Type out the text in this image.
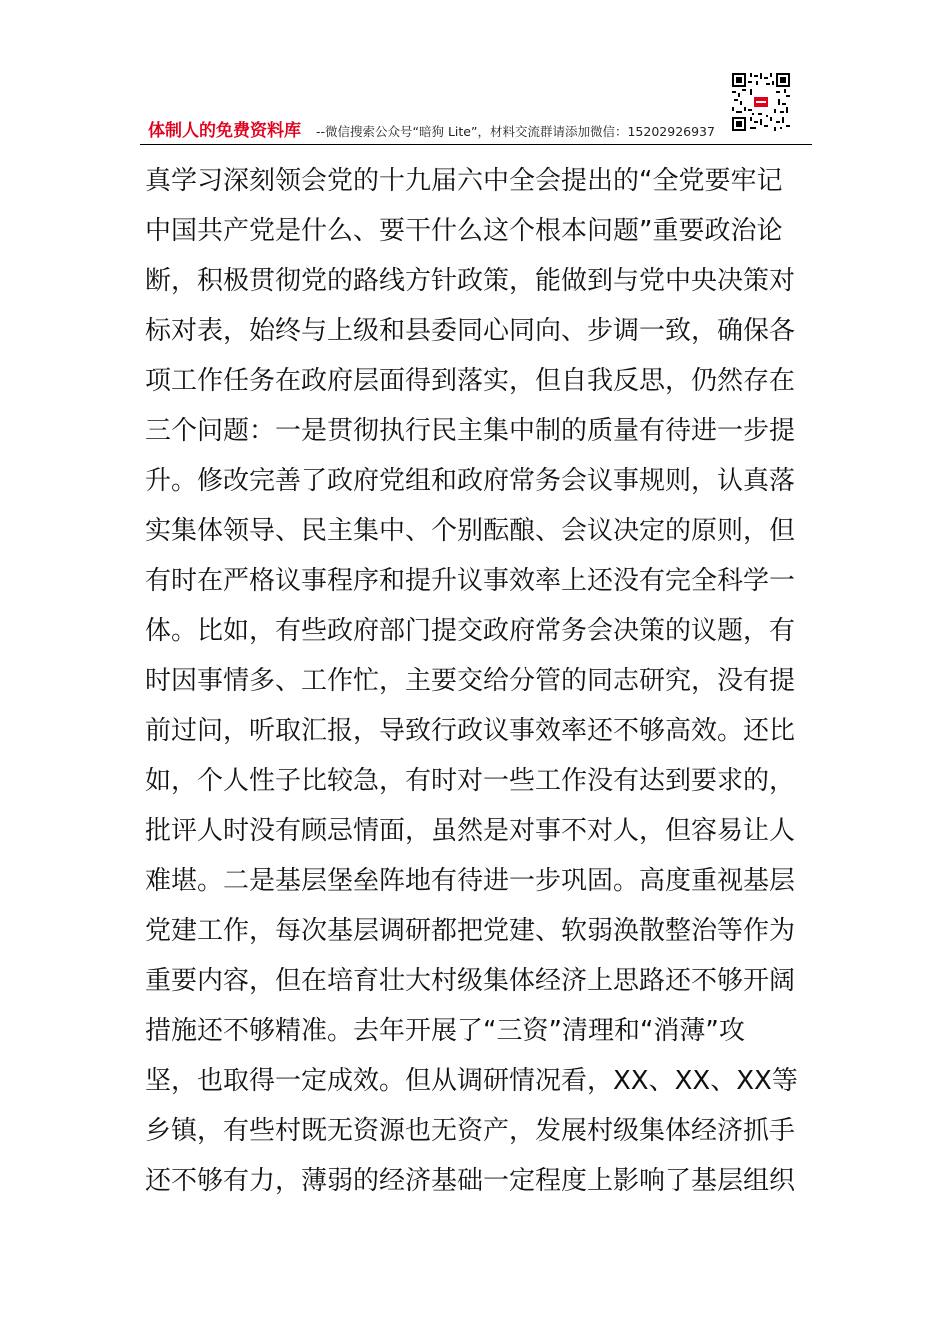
体制人的免费资料库 --微信搜索公众号“暗狗 Lite”，材料交流群请添加微信：15202926937
真学习深刻领会党的十九届六中全会提出的“全党要牢记
中国共产党是什么、要干什么这个根本问题”重要政治论
断，积极贯彻党的路线方针政策，能做到与党中央决策对
标对表，始终与上级和县委同心同向、步调一致，确保各
项工作任务在政府层面得到落实，但自我反思，仍然存在
三个问题：一是贯彻执行民主集中制的质量有待进一步提
升。修改完善了政府党组和政府常务会议事规则，认真落
实集体领导、民主集中、个别酝酿、会议决定的原则，但
有时在严格议事程序和提升议事效率上还没有完全科学一
体。比如，有些政府部门提交政府常务会决策的议题，有
时因事情多、工作忙，主要交给分管的同志研究，没有提
前过问，听取汇报，导致行政议事效率还不够高效。还比
如，个人性子比较急，有时对一些工作没有达到要求的，
批评人时没有顾忌情面，虽然是对事不对人，但容易让人
难堪。二是基层堡垒阵地有待进一步巩固。高度重视基层
党建工作，每次基层调研都把党建、软弱涣散整治等作为
重要内容，但在培育壮大村级集体经济上思路还不够开阔
措施还不够精准。去年开展了“三资”清理和“消薄”攻
坚，也取得一定成效。但从调研情况看，XX、XX、XX等
乡镇，有些村既无资源也无资产，发展村级集体经济抓手
还不够有力，薄弱的经济基础一定程度上影响了基层组织
